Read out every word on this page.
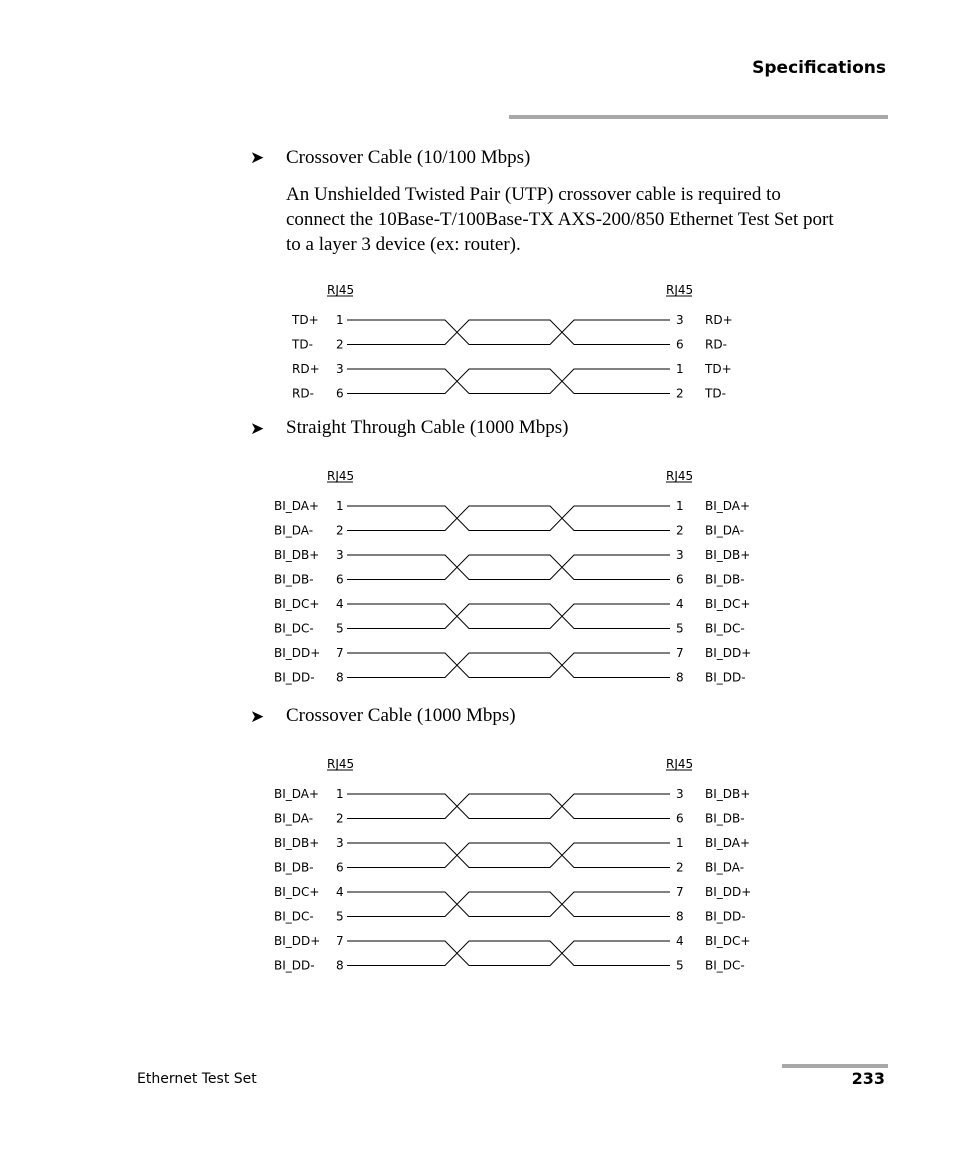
Specifications
➤ Crossover Cable (10/100 Mbps)
An Unshielded Twisted Pair (UTP) crossover cable is required to
connect the 10Base-T/100Base-TX AXS-200/850 Ethernet Test Set port
to a layer 3 device (ex: router).
RJ45	RJ45
TD+ 1	3 RD+
TD- 2	6 RD-
RD+ 3	1 TD+
RD- 6	2 TD-
➤ Straight Through Cable (1000 Mbps)
RJ45	RJ45
BI_DA+ 1	1 BI_DA+
BI_DA- 2	2 BI_DA-
BI_DB+ 3	3 BI_DB+
BI_DB- 6	6 BI_DB-
BI_DC+ 4	4 BI_DC+
BI_DC- 5	5 BI_DC-
BI_DD+ 7	7 BI_DD+
BI_DD- 8	8 BI_DD-
➤ Crossover Cable (1000 Mbps)
RJ45	RJ45
BI_DA+ 1	3 BI_DB+
BI_DA- 2	6 BI_DB-
BI_DB+ 3	1 BI_DA+
BI_DB- 6	2 BI_DA-
BI_DC+ 4	7 BI_DD+
BI_DC- 5	8 BI_DD-
BI_DD+ 7	4 BI_DC+
BI_DD- 8	5 BI_DC-
Ethernet Test Set	233
